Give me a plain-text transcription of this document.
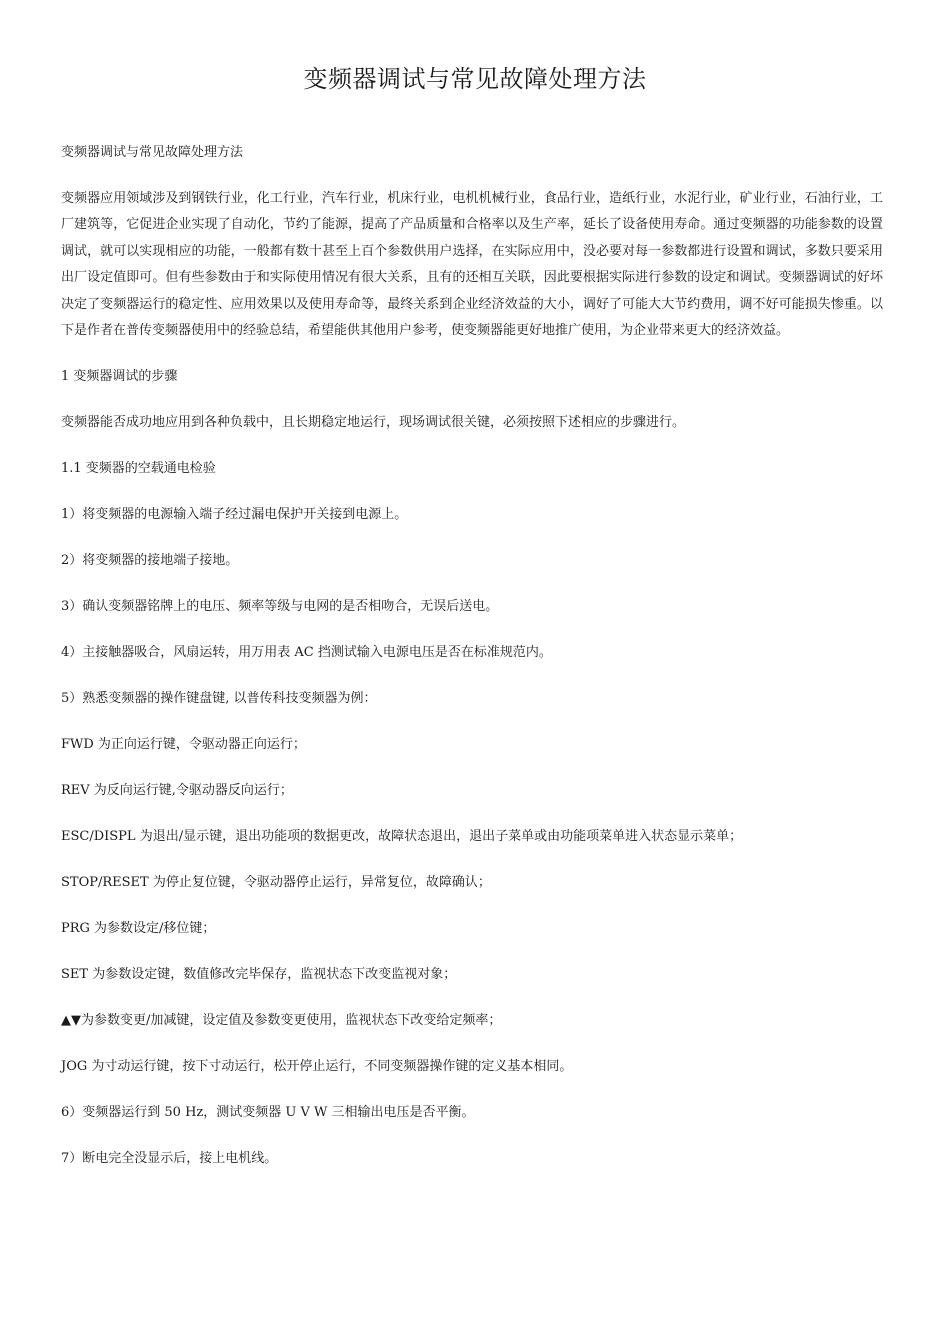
变频器调试与常见故障处理方法

变频器调试与常见故障处理方法

变频器应用领域涉及到钢铁行业，化工行业，汽车行业，机床行业，电机机械行业，食品行业，造纸行业，水泥行业，矿业行业，石油行业，工厂建筑等，它促进企业实现了自动化，节约了能源，提高了产品质量和合格率以及生产率，延长了设备使用寿命。通过变频器的功能参数的设置调试，就可以实现相应的功能，一般都有数十甚至上百个参数供用户选择，在实际应用中，没必要对每一参数都进行设置和调试，多数只要采用出厂设定值即可。但有些参数由于和实际使用情况有很大关系，且有的还相互关联，因此要根据实际进行参数的设定和调试。变频器调试的好坏决定了变频器运行的稳定性、应用效果以及使用寿命等，最终关系到企业经济效益的大小，调好了可能大大节约费用，调不好可能损失惨重。以下是作者在普传变频器使用中的经验总结，希望能供其他用户参考，使变频器能更好地推广使用，为企业带来更大的经济效益。

1 变频器调试的步骤

变频器能否成功地应用到各种负载中，且长期稳定地运行，现场调试很关键，必须按照下述相应的步骤进行。

1.1 变频器的空载通电检验

1）将变频器的电源输入端子经过漏电保护开关接到电源上。

2）将变频器的接地端子接地。

3）确认变频器铭牌上的电压、频率等级与电网的是否相吻合，无误后送电。

4）主接触器吸合，风扇运转，用万用表 AC 挡测试输入电源电压是否在标准规范内。

5）熟悉变频器的操作键盘键, 以普传科技变频器为例：

FWD 为正向运行键，令驱动器正向运行；

REV 为反向运行键,令驱动器反向运行；

ESC/DISPL 为退出/显示键，退出功能项的数据更改，故障状态退出，退出子菜单或由功能项菜单进入状态显示菜单；

STOP/RESET 为停止复位键，令驱动器停止运行，异常复位，故障确认；

PRG 为参数设定/移位键；

SET 为参数设定键，数值修改完毕保存，监视状态下改变监视对象；

▲▼为参数变更/加减键，设定值及参数变更使用，监视状态下改变给定频率；

JOG 为寸动运行键，按下寸动运行，松开停止运行，不同变频器操作键的定义基本相同。

6）变频器运行到 50 Hz，测试变频器 U V W 三相输出电压是否平衡。

7）断电完全没显示后，接上电机线。
